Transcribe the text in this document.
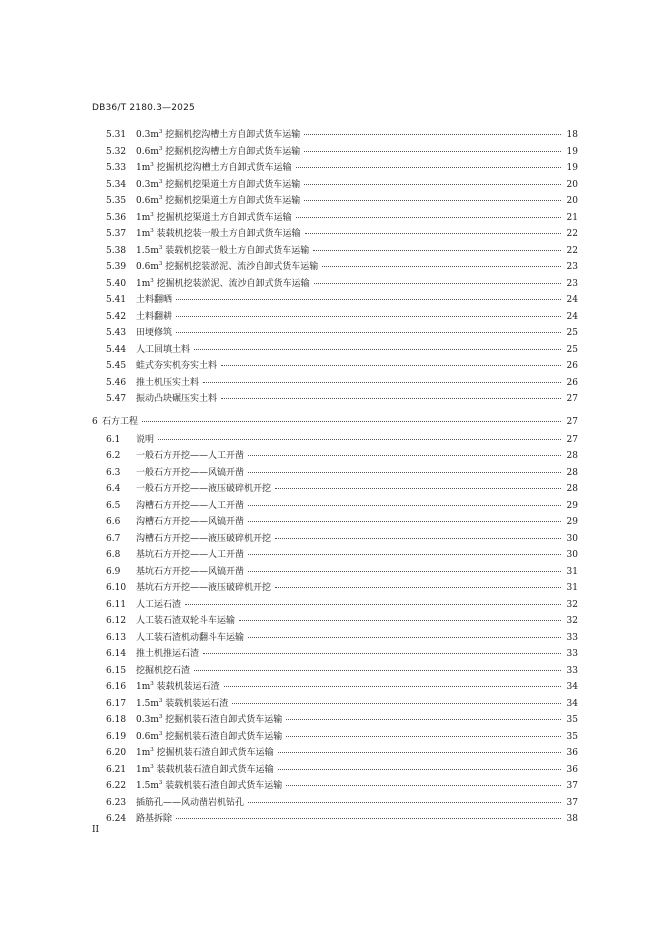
DB36/T 2180.3—2025
5.31	$0.3m^3$ 挖掘机挖沟槽土方自卸式货车运输	18
5.32	$0.6m^3$ 挖掘机挖沟槽土方自卸式货车运输	19
5.33	$1m^3$ 挖掘机挖沟槽土方自卸式货车运输	19
5.34	$0.3m^3$ 挖掘机挖渠道土方自卸式货车运输	20
5.35	$0.6m^3$ 挖掘机挖渠道土方自卸式货车运输	20
5.36	$1m^3$ 挖掘机挖渠道土方自卸式货车运输	21
5.37	$1m^3$ 装载机挖装一般土方自卸式货车运输	22
5.38	$1.5m^3$ 装载机挖装一般土方自卸式货车运输	22
5.39	$0.6m^3$ 挖掘机挖装淤泥、流沙自卸式货车运输	23
5.40	$1m^3$ 挖掘机挖装淤泥、流沙自卸式货车运输	23
5.41	土料翻晒	24
5.42	土料翻耕	24
5.43	田埂修筑	25
5.44	人工回填土料	25
5.45	蛙式夯实机夯实土料	26
5.46	推土机压实土料	26
5.47	振动凸块碾压实土料	27
6 石方工程	27
6.1	说明	27
6.2	一般石方开挖——人工开凿	28
6.3	一般石方开挖——风镐开凿	28
6.4	一般石方开挖——液压破碎机开挖	28
6.5	沟槽石方开挖——人工开凿	29
6.6	沟槽石方开挖——风镐开凿	29
6.7	沟槽石方开挖——液压破碎机开挖	30
6.8	基坑石方开挖——人工开凿	30
6.9	基坑石方开挖——风镐开凿	31
6.10	基坑石方开挖——液压破碎机开挖	31
6.11	人工运石渣	32
6.12	人工装石渣双轮斗车运输	32
6.13	人工装石渣机动翻斗车运输	33
6.14	推土机推运石渣	33
6.15	挖掘机挖石渣	33
6.16	$1m^3$ 装载机装运石渣	34
6.17	$1.5m^3$ 装载机装运石渣	34
6.18	$0.3m^3$ 挖掘机装石渣自卸式货车运输	35
6.19	$0.6m^3$ 挖掘机装石渣自卸式货车运输	35
6.20	$1m^3$ 挖掘机装石渣自卸式货车运输	36
6.21	$1m^3$ 装载机装石渣自卸式货车运输	36
6.22	$1.5m^3$ 装载机装石渣自卸式货车运输	37
6.23	插筋孔——风动凿岩机钻孔	37
6.24	路基拆除	38
II
